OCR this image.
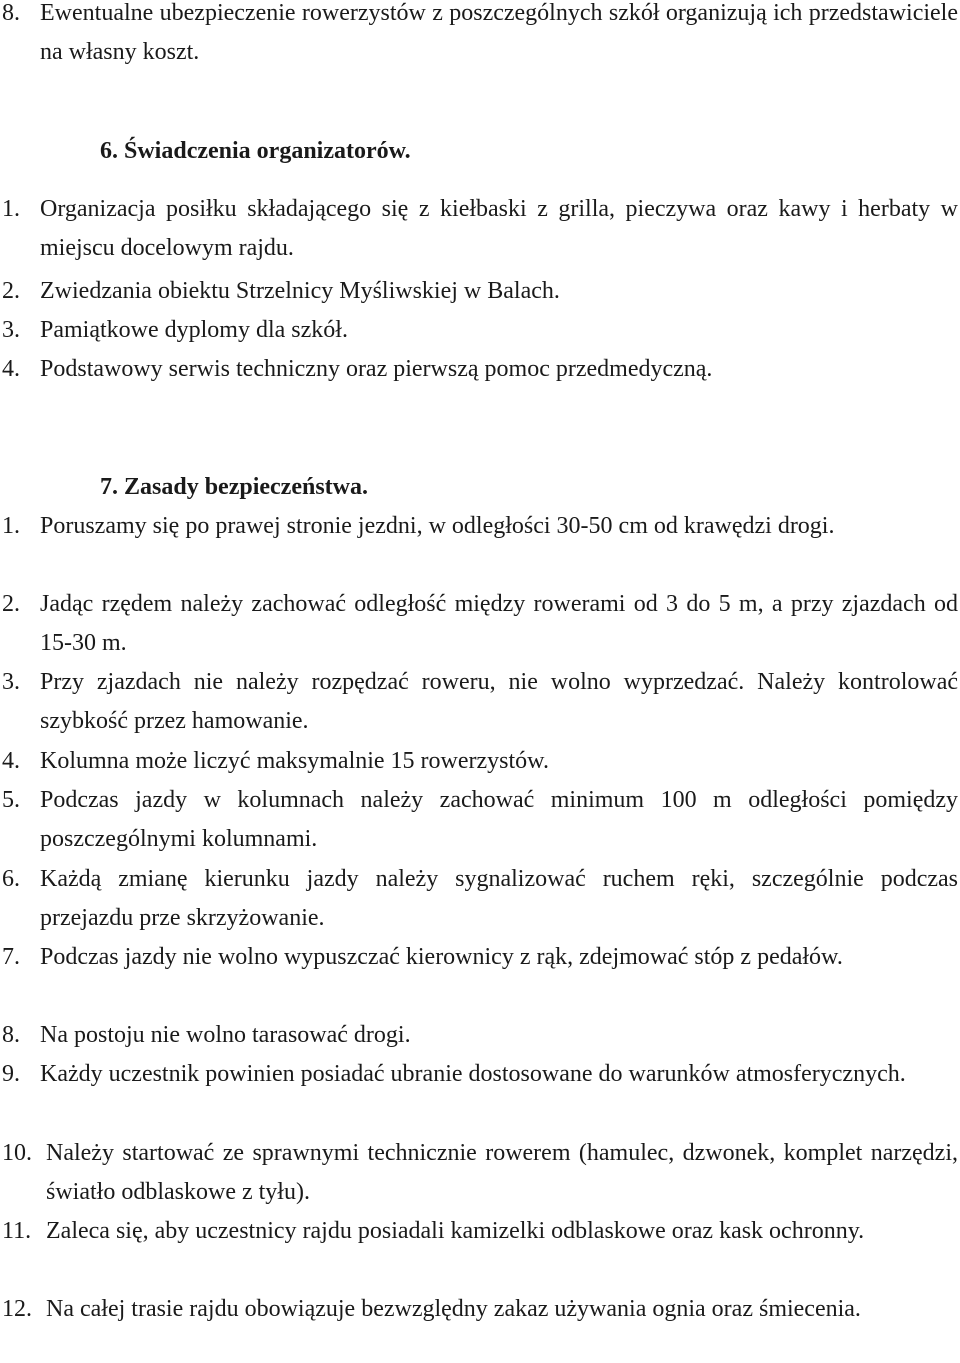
8. Ewentualne ubezpieczenie rowerzystów z poszczególnych szkół organizują ich przedstawiciele na własny koszt.
6. Świadczenia organizatorów.
1. Organizacja posiłku składającego się z kiełbaski z grilla, pieczywa oraz kawy i herbaty w miejscu docelowym rajdu.
2. Zwiedzania obiektu Strzelnicy Myśliwskiej w Balach.
3. Pamiątkowe dyplomy dla szkół.
4. Podstawowy serwis techniczny oraz pierwszą pomoc przedmedyczną.
7. Zasady bezpieczeństwa.
1. Poruszamy się po prawej stronie jezdni, w odległości 30-50 cm od krawędzi drogi.
2. Jadąc rzędem należy zachować odległość między rowerami od 3 do 5 m, a przy zjazdach od 15-30 m.
3. Przy zjazdach nie należy rozpędzać roweru, nie wolno wyprzedzać. Należy kontrolować szybkość przez hamowanie.
4. Kolumna może liczyć maksymalnie 15 rowerzystów.
5. Podczas jazdy w kolumnach należy zachować minimum 100 m odległości pomiędzy poszczególnymi kolumnami.
6. Każdą zmianę kierunku jazdy należy sygnalizować ruchem ręki, szczególnie podczas przejazdu prze skrzyżowanie.
7. Podczas jazdy nie wolno wypuszczać kierownicy z rąk, zdejmować stóp z pedałów.
8. Na postoju nie wolno tarasować drogi.
9. Każdy uczestnik powinien posiadać ubranie dostosowane do warunków atmosferycznych.
10. Należy startować ze sprawnymi technicznie rowerem (hamulec, dzwonek, komplet narzędzi, światło odblaskowe z tyłu).
11. Zaleca się, aby uczestnicy rajdu posiadali kamizelki odblaskowe oraz kask ochronny.
12. Na całej trasie rajdu obowiązuje bezwzględny zakaz używania ognia oraz śmiecenia.
